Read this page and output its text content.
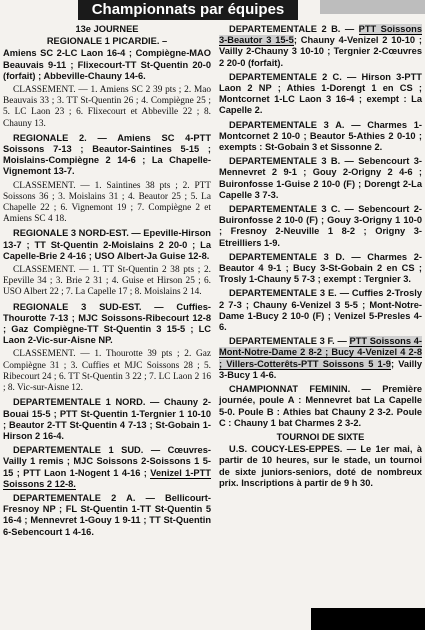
Championnats par équipes

13e JOURNEE

REGIONALE 1 PICARDIE. –

Amiens SC 2-LC Laon 16-4 ; Compiègne-MAO Beauvais 9-11 ; Flixecourt-TT St-Quentin 20-0 (forfait) ; Abbeville-Chauny 14-6.

CLASSEMENT. — 1. Amiens SC 2 39 pts ; 2. Mao Beauvais 33 ; 3. TT St-Quentin 26 ; 4. Compiègne 25 ; 5. LC Laon 23 ; 6. Flixecourt et Abbeville 22 ; 8. Chauny 13.

REGIONALE 2. — Amiens SC 4-PTT Soissons 7-13 ; Beautor-Saintines 5-15 ; Moislains-Compiègne 2 14-6 ; La Chapelle-Vignemont 13-7.

CLASSEMENT. — 1. Saintines 38 pts ; 2. PTT Soissons 36 ; 3. Moislains 31 ; 4. Beautor 25 ; 5. La Chapelle 22 ; 6. Vignemont 19 ; 7. Compiègne 2 et Amiens SC 4 18.

REGIONALE 3 NORD-EST. — Epeville-Hirson 13-7 ; TT St-Quentin 2-Moislains 2 20-0 ; La Capelle-Brie 2 4-16 ; USO Albert-Ja Guise 12-8.

CLASSEMENT. — 1. TT St-Quentin 2 38 pts ; 2. Epeville 34 ; 3. Brie 2 31 ; 4. Guise et Hirson 25 ; 6. USO Albert 22 ; 7. La Capelle 17 ; 8. Moislains 2 14.

REGIONALE 3 SUD-EST. — Cuffies-Thourotte 7-13 ; MJC Soissons-Ribecourt 12-8 ; Gaz Compiègne-TT St-Quentin 3 15-5 ; LC Laon 2-Vic-sur-Aisne NP.

CLASSEMENT. — 1. Thourotte 39 pts ; 2. Gaz Compiègne 31 ; 3. Cuffies et MJC Soissons 28 ; 5. Ribecourt 24 ; 6. TT St-Quentin 3 22 ; 7. LC Laon 2 16 ; 8. Vic-sur-Aisne 12.

DEPARTEMENTALE 1 NORD. — Chauny 2-Bouai 15-5 ; PTT St-Quentin 1-Tergnier 1 10-10 ; Beautor 2-TT St-Quentin 4 7-13 ; St-Gobain 1-Hirson 2 16-4.

DEPARTEMENTALE 1 SUD. — Cœuvres-Vailly 1 remis ; MJC Soissons 2-Soissons 1 5-15 ; PTT Laon 1-Nogent 1 4-16 ; Venizel 1-PTT Soissons 2 12-8.

DEPARTEMENTALE 2 A. — Bellicourt-Fresnoy NP ; FL St-Quentin 1-TT St-Quentin 5 16-4 ; Mennevret 1-Gouy 1 9-11 ; TT St-Quentin 6-Sebencourt 1 4-16.

DEPARTEMENTALE 2 B. — PTT Soissons 3-Beautor 3 15-5; Chauny 4-Venizel 2 10-10 ; Vailly 2-Chauny 3 10-10 ; Tergnier 2-Cœuvres 2 20-0 (forfait).

DEPARTEMENTALE 2 C. — Hirson 3-PTT Laon 2 NP ; Athies 1-Dorengt 1 en CS ; Montcornet 1-LC Laon 3 16-4 ; exempt : La Capelle 2.

DEPARTEMENTALE 3 A. — Charmes 1-Montcornet 2 10-0 ; Beautor 5-Athies 2 0-10 ; exempts : St-Gobain 3 et Sissonne 2.

DEPARTEMENTALE 3 B. — Sebencourt 3-Mennevret 2 9-1 ; Gouy 2-Origny 2 4-6 ; Buironfosse 1-Guise 2 10-0 (F) ; Dorengt 2-La Capelle 3 7-3.

DEPARTEMENTALE 3 C. — Sebencourt 2-Buironfosse 2 10-0 (F) ; Gouy 3-Origny 1 10-0 ; Fresnoy 2-Neuville 1 8-2 ; Origny 3-Etreilliers 1-9.

DEPARTEMENTALE 3 D. — Charmes 2-Beautor 4 9-1 ; Bucy 3-St-Gobain 2 en CS ; Trosly 1-Chauny 5 7-3 ; exempt : Tergnier 3.

DEPARTEMENTALE 3 E. — Cuffies 2-Trosly 2 7-3 ; Chauny 6-Venizel 3 5-5 ; Mont-Notre-Dame 1-Bucy 2 10-0 (F) ; Venizel 5-Presles 4-6.

DEPARTEMENTALE 3 F. — PTT Soissons 4-Mont-Notre-Dame 2 8-2 ; Bucy 4-Venizel 4 2-8 ; Villers-Cotterêts-PTT Soissons 5 1-9; Vailly 3-Bucy 1 4-6.

CHAMPIONNAT FEMININ. — Première journée, poule A : Mennevret bat La Capelle 5-0. Poule B : Athies bat Chauny 2 3-2. Poule C : Chauny 1 bat Charmes 2 3-2.

TOURNOI DE SIXTE

U.S. COUCY-LES-EPPES. — Le 1er mai, à partir de 10 heures, sur le stade, un tournoi de sixte juniors-seniors, doté de nombreux prix. Inscriptions à partir de 9 h 30.
